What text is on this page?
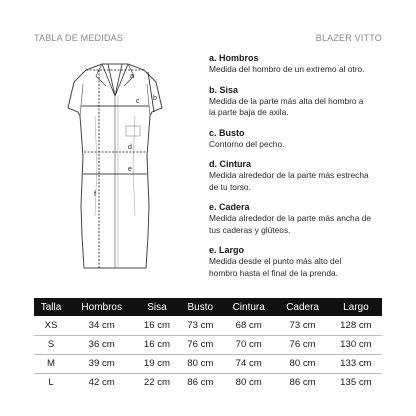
TABLA DE MEDIDAS	BLAZER VITTO
a
b
c
d
e
f
a. Hombros
Medida del hombro de un extremo al otro.
b. Sisa
Medida de la parte más alta del hombro a
la parte baja de axila.
c. Busto
Contorno del pecho.
d. Cintura
Medida alrededor de la parte más estrecha
de tu torso.
e. Cadera
Medida alrededor de la parte más ancha de
tus caderas y glúteos.
e. Largo
Medida desde el punto más alto del
hombro hasta el final de la prenda.
Talla	Hombros	Sisa	Busto	Cintura	Cadera	Largo
XS	34 cm	16 cm	73 cm	68 cm	73 cm	128 cm
S	36 cm	16 cm	76 cm	70 cm	76 cm	130 cm
M	39 cm	19 cm	80 cm	74 cm	80 cm	133 cm
L	42 cm	22 cm	86 cm	80 cm	86 cm	135 cm
